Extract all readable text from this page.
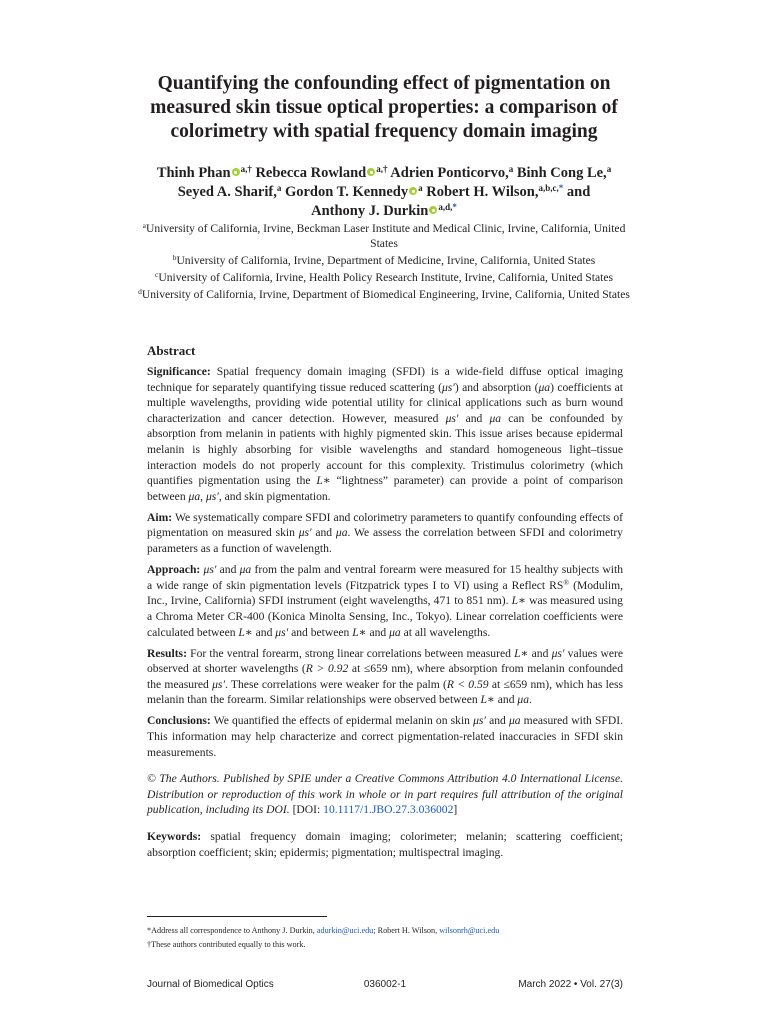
Quantifying the confounding effect of pigmentation on
measured skin tissue optical properties: a comparison of
colorimetry with spatial frequency domain imaging
Thinh Phan $^{a,\dagger}$ Rebecca Rowland $^{a,\dagger}$ Adrien Ponticorvo,$^a$ Binh Cong Le,$^a$
Seyed A. Sharif,$^a$ Gordon T. Kennedy $^a$ Robert H. Wilson,$^{a,b,c,*}$ and
Anthony J. Durkin $^{a,d,*}$

$^a$University of California, Irvine, Beckman Laser Institute and Medical Clinic, Irvine, California, United States

$^b$University of California, Irvine, Department of Medicine, Irvine, California, United States

$^c$University of California, Irvine, Health Policy Research Institute, Irvine, California, United States

$^d$University of California, Irvine, Department of Biomedical Engineering, Irvine, California, United States

Abstract

Significance: Spatial frequency domain imaging (SFDI) is a wide-field diffuse optical imaging technique for separately quantifying tissue reduced scattering (μs′) and absorption (μa) coefficients at multiple wavelengths, providing wide potential utility for clinical applications such as burn wound characterization and cancer detection. However, measured μs′ and μa can be confounded by absorption from melanin in patients with highly pigmented skin. This issue arises because epidermal melanin is highly absorbing for visible wavelengths and standard homogeneous light–tissue interaction models do not properly account for this complexity. Tristimulus colorimetry (which quantifies pigmentation using the L∗ “lightness” parameter) can provide a point of comparison between μa, μs′, and skin pigmentation.

Aim: We systematically compare SFDI and colorimetry parameters to quantify confounding effects of pigmentation on measured skin μs′ and μa. We assess the correlation between SFDI and colorimetry parameters as a function of wavelength.

Approach: μs′ and μa from the palm and ventral forearm were measured for 15 healthy subjects with a wide range of skin pigmentation levels (Fitzpatrick types I to VI) using a Reflect RS® (Modulim, Inc., Irvine, California) SFDI instrument (eight wavelengths, 471 to 851 nm). L∗ was measured using a Chroma Meter CR-400 (Konica Minolta Sensing, Inc., Tokyo). Linear correlation coefficients were calculated between L∗ and μs′ and between L∗ and μa at all wavelengths.

Results: For the ventral forearm, strong linear correlations between measured L∗ and μs′ values were observed at shorter wavelengths (R > 0.92 at ≤659 nm), where absorption from melanin confounded the measured μs′. These correlations were weaker for the palm (R < 0.59 at ≤659 nm), which has less melanin than the forearm. Similar relationships were observed between L∗ and μa.

Conclusions: We quantified the effects of epidermal melanin on skin μs′ and μa measured with SFDI. This information may help characterize and correct pigmentation-related inaccuracies in SFDI skin measurements.

© The Authors. Published by SPIE under a Creative Commons Attribution 4.0 International License. Distribution or reproduction of this work in whole or in part requires full attribution of the original publication, including its DOI. [DOI: 10.1117/1.JBO.27.3.036002]

Keywords: spatial frequency domain imaging; colorimeter; melanin; scattering coefficient; absorption coefficient; skin; epidermis; pigmentation; multispectral imaging.

*Address all correspondence to Anthony J. Durkin, adurkin@uci.edu; Robert H. Wilson, wilsonrh@uci.edu

†These authors contributed equally to this work.

Journal of Biomedical Optics	036002-1	March 2022 • Vol. 27(3)
